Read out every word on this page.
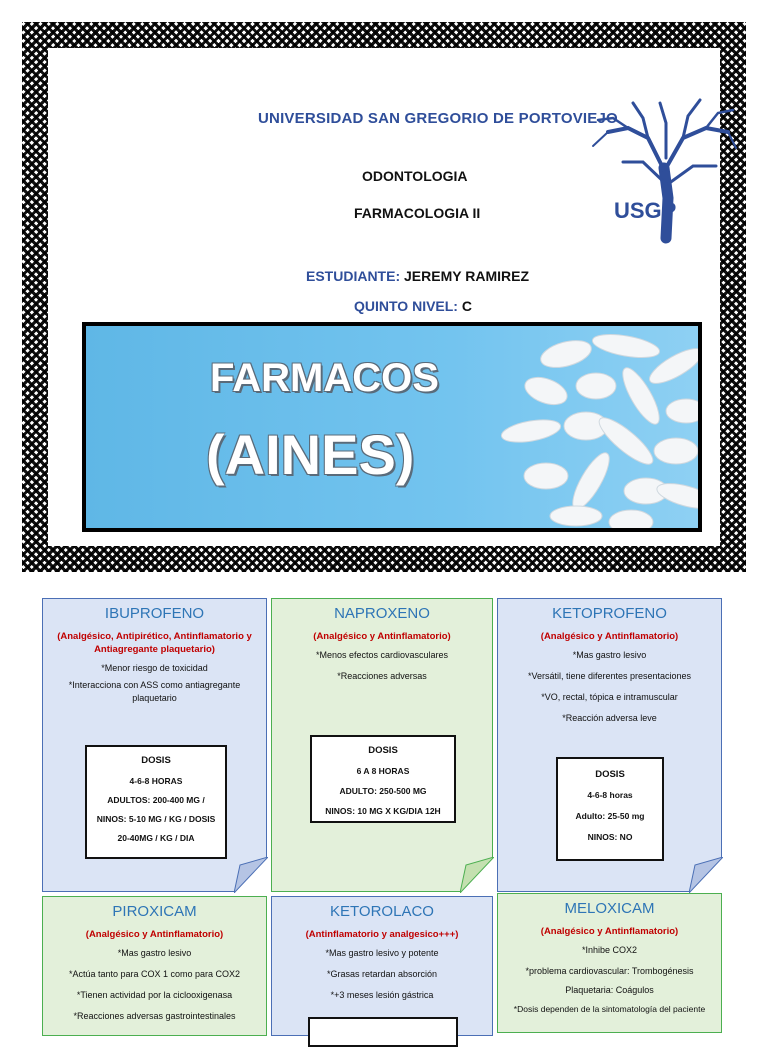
UNIVERSIDAD SAN GREGORIO DE PORTOVIEJO
ODONTOLOGIA
FARMACOLOGIA II
ESTUDIANTE: JEREMY RAMIREZ
QUINTO NIVEL: C
USGP
FARMACOS
(AINES)
IBUPROFENO
(Analgésico, Antipirético, Antinflamatorio y Antiagregante plaquetario)
*Menor riesgo de toxicidad
*Interacciona con ASS como antiagregante plaquetario
DOSIS
4-6-8 HORAS
ADULTOS: 200-400 MG /
NINOS: 5-10 MG / KG / DOSIS
20-40MG / KG / DIA
NAPROXENO
(Analgésico y Antinflamatorio)
*Menos efectos cardiovasculares
*Reacciones adversas
DOSIS
6 A 8 HORAS
ADULTO: 250-500 MG
NINOS: 10 MG X KG/DIA 12H
KETOPROFENO
(Analgésico y Antinflamatorio)
*Mas gastro lesivo
*Versátil, tiene diferentes presentaciones
*VO, rectal, tópica e intramuscular
*Reacción adversa leve
DOSIS
4-6-8 horas
Adulto: 25-50 mg
NINOS: NO
PIROXICAM
(Analgésico y Antinflamatorio)
*Mas gastro lesivo
*Actúa tanto para COX 1 como para COX2
*Tienen actividad por la ciclooxigenasa
*Reacciones adversas gastrointestinales
KETOROLACO
(Antinflamatorio y analgesico+++)
*Mas gastro lesivo y potente
*Grasas retardan absorción
*+3 meses lesión gástrica
MELOXICAM
(Analgésico y Antinflamatorio)
*Inhibe COX2
*problema cardiovascular: Trombogénesis
Plaquetaria: Coágulos
*Dosis dependen de la sintomatología del paciente
